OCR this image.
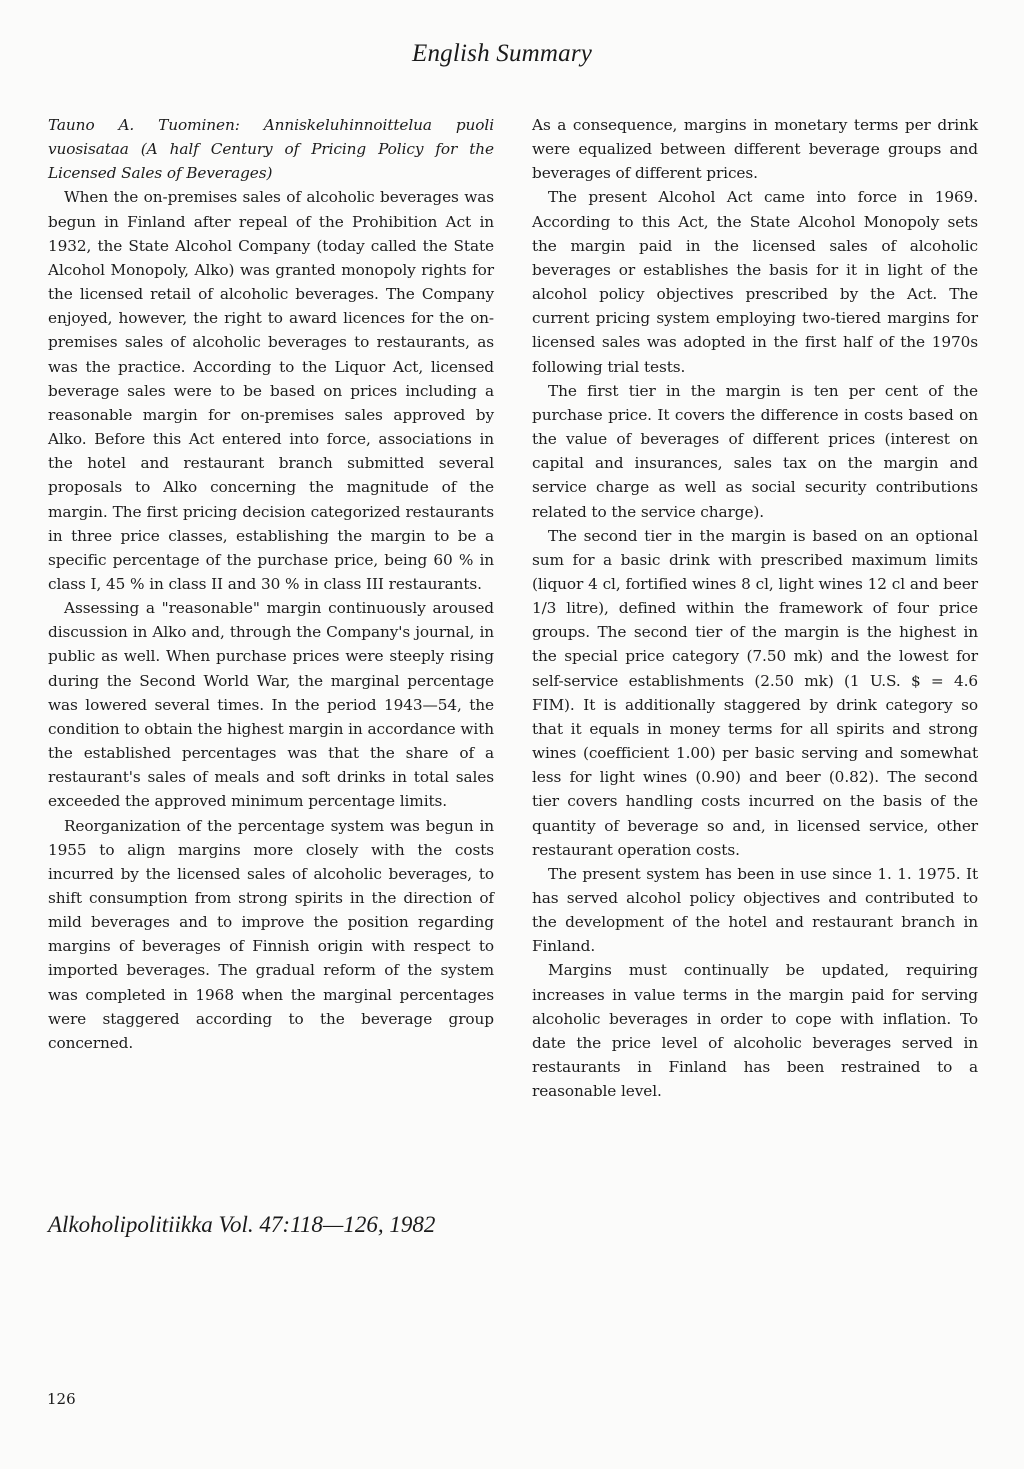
English Summary

Tauno A. Tuominen: Anniskeluhinnoittelua puoli vuosisataa (A half Century of Pricing Policy for the Licensed Sales of Beverages)

When the on-premises sales of alcoholic beverages was begun in Finland after repeal of the Prohibition Act in 1932, the State Alcohol Company (today called the State Alcohol Monopoly, Alko) was granted monopoly rights for the licensed retail of alcoholic beverages. The Company enjoyed, however, the right to award licences for the on-premises sales of alcoholic beverages to restaurants, as was the practice. According to the Liquor Act, licensed beverage sales were to be based on prices including a reasonable margin for on-premises sales approved by Alko. Before this Act entered into force, associations in the hotel and restaurant branch submitted several proposals to Alko concerning the magnitude of the margin. The first pricing decision categorized restaurants in three price classes, establishing the margin to be a specific percentage of the purchase price, being 60 % in class I, 45 % in class II and 30 % in class III restaurants.

Assessing a "reasonable" margin continuously aroused discussion in Alko and, through the Company's journal, in public as well. When purchase prices were steeply rising during the Second World War, the marginal percentage was lowered several times. In the period 1943—54, the condition to obtain the highest margin in accordance with the established percentages was that the share of a restaurant's sales of meals and soft drinks in total sales exceeded the approved minimum percentage limits.

Reorganization of the percentage system was begun in 1955 to align margins more closely with the costs incurred by the licensed sales of alcoholic beverages, to shift consumption from strong spirits in the direction of mild beverages and to improve the position regarding margins of beverages of Finnish origin with respect to imported beverages. The gradual reform of the system was completed in 1968 when the marginal percentages were staggered according to the beverage group concerned.

As a consequence, margins in monetary terms per drink were equalized between different beverage groups and beverages of different prices.

The present Alcohol Act came into force in 1969. According to this Act, the State Alcohol Monopoly sets the margin paid in the licensed sales of alcoholic beverages or establishes the basis for it in light of the alcohol policy objectives prescribed by the Act. The current pricing system employing two-tiered margins for licensed sales was adopted in the first half of the 1970s following trial tests.

The first tier in the margin is ten per cent of the purchase price. It covers the difference in costs based on the value of beverages of different prices (interest on capital and insurances, sales tax on the margin and service charge as well as social security contributions related to the service charge).

The second tier in the margin is based on an optional sum for a basic drink with prescribed maximum limits (liquor 4 cl, fortified wines 8 cl, light wines 12 cl and beer 1/3 litre), defined within the framework of four price groups. The second tier of the margin is the highest in the special price category (7.50 mk) and the lowest for self-service establishments (2.50 mk) (1 U.S. $ = 4.6 FIM). It is additionally staggered by drink category so that it equals in money terms for all spirits and strong wines (coefficient 1.00) per basic serving and somewhat less for light wines (0.90) and beer (0.82). The second tier covers handling costs incurred on the basis of the quantity of beverage so and, in licensed service, other restaurant operation costs.

The present system has been in use since 1. 1. 1975. It has served alcohol policy objectives and contributed to the development of the hotel and restaurant branch in Finland.

Margins must continually be updated, requiring increases in value terms in the margin paid for serving alcoholic beverages in order to cope with inflation. To date the price level of alcoholic beverages served in restaurants in Finland has been restrained to a reasonable level.

Alkoholipolitiikka Vol. 47:118—126, 1982
126
